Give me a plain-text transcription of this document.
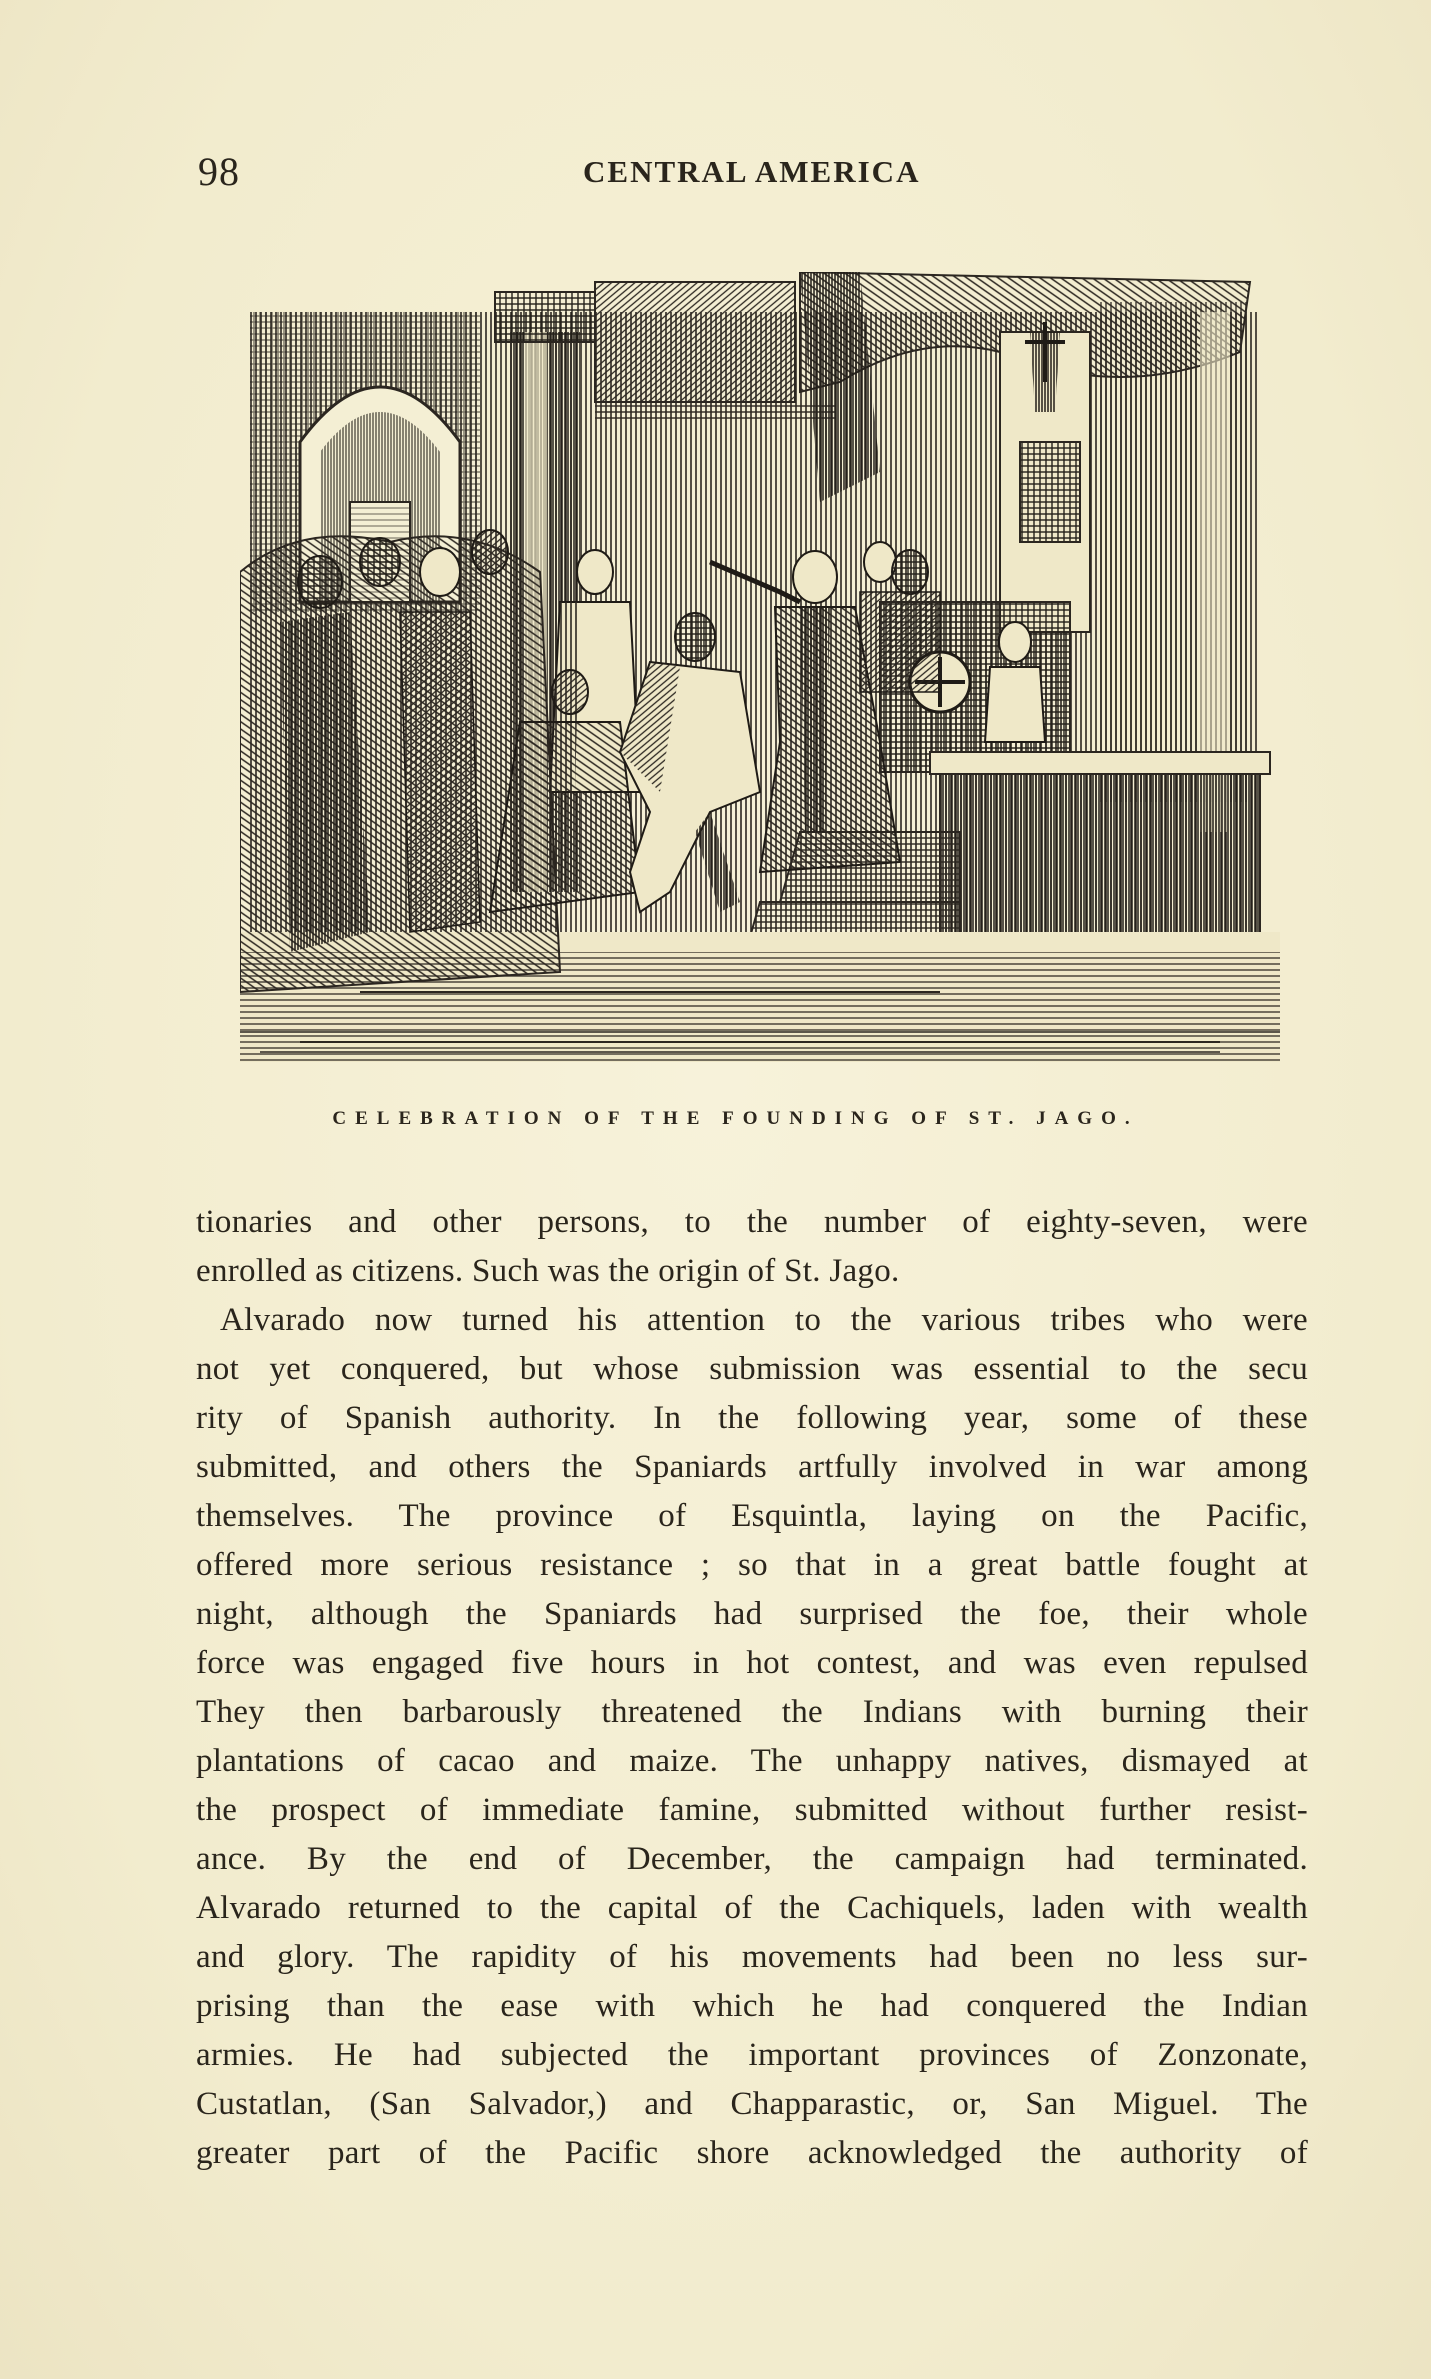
98	CENTRAL AMERICA
CELEBRATION OF THE FOUNDING OF ST. JAGO.
tionaries and other persons, to the number of eighty-seven, were
enrolled as citizens. Such was the origin of St. Jago.
Alvarado now turned his attention to the various tribes who were
not yet conquered, but whose submission was essential to the secu
rity of Spanish authority. In the following year, some of these
submitted, and others the Spaniards artfully involved in war among
themselves. The province of Esquintla, laying on the Pacific,
offered more serious resistance ; so that in a great battle fought at
night, although the Spaniards had surprised the foe, their whole
force was engaged five hours in hot contest, and was even repulsed
They then barbarously threatened the Indians with burning their
plantations of cacao and maize. The unhappy natives, dismayed at
the prospect of immediate famine, submitted without further resist-
ance. By the end of December, the campaign had terminated.
Alvarado returned to the capital of the Cachiquels, laden with wealth
and glory. The rapidity of his movements had been no less sur-
prising than the ease with which he had conquered the Indian
armies. He had subjected the important provinces of Zonzonate,
Custatlan, (San Salvador,) and Chapparastic, or, San Miguel. The
greater part of the Pacific shore acknowledged the authority of
